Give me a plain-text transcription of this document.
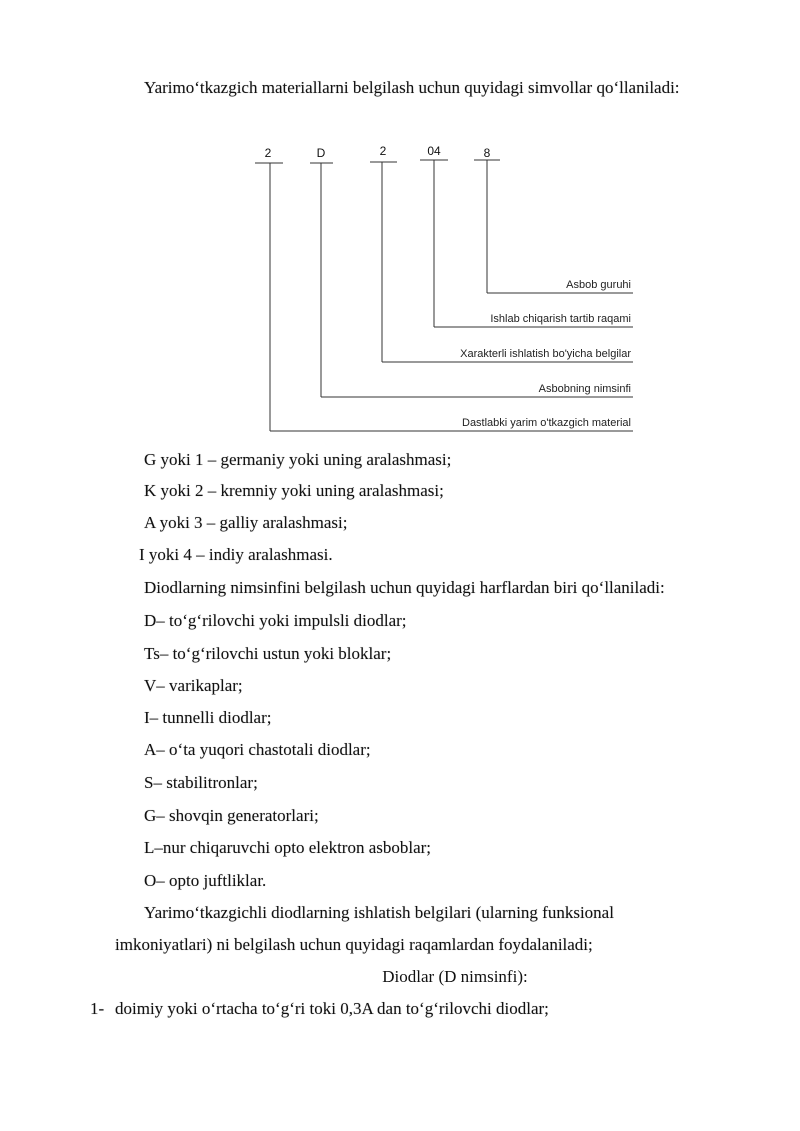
Yarimo‘tkazgich materiallarni belgilash uchun quyidagi simvollar qo‘llaniladi:
2	D	2	04	8
Asbob guruhi
Ishlab chiqarish tartib raqami
Xarakterli ishlatish bo'yicha belgilar
Asbobning nimsinfi
Dastlabki yarim o'tkazgich material
G yoki 1 – germaniy yoki uning aralashmasi;
K yoki 2 – kremniy yoki uning aralashmasi;
A yoki 3 – galliy aralashmasi;
I yoki 4 – indiy aralashmasi.
Diodlarning nimsinfini belgilash uchun quyidagi harflardan biri qo‘llaniladi:
D– to‘g‘rilovchi yoki impulsli diodlar;
Ts– to‘g‘rilovchi ustun yoki bloklar;
V– varikaplar;
I– tunnelli diodlar;
A– o‘ta yuqori chastotali diodlar;
S– stabilitronlar;
G– shovqin generatorlari;
L–nur chiqaruvchi opto elektron asboblar;
O– opto juftliklar.
Yarimo‘tkazgichli diodlarning ishlatish belgilari (ularning funksional
imkoniyatlari) ni belgilash uchun quyidagi raqamlardan foydalaniladi;
Diodlar (D nimsinfi):
1- doimiy yoki o‘rtacha to‘g‘ri toki 0,3A dan to‘g‘rilovchi diodlar;
